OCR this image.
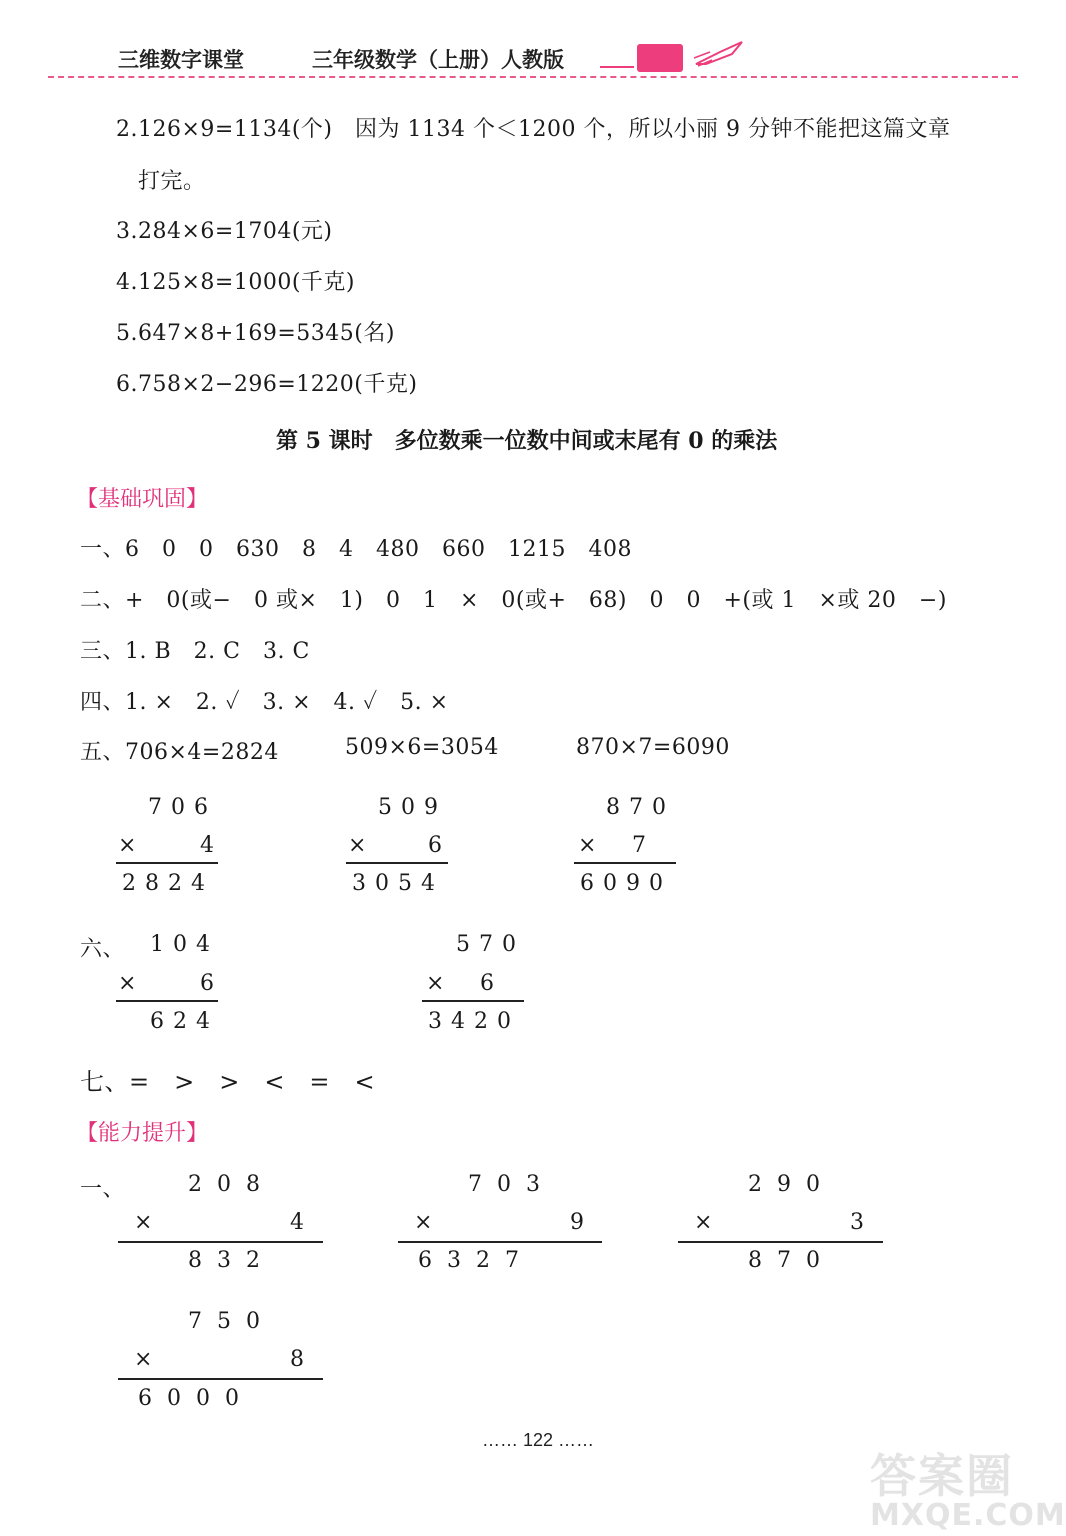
三维数字课堂	三年级数学（上册）人教版
2.126×9=1134(个)　因为 1134 个＜1200 个，所以小丽 9 分钟不能把这篇文章
打完。
3.284×6=1704(元)
4.125×8=1000(千克)
5.647×8+169=5345(名)
6.758×2−296=1220(千克)
第 5 课时　多位数乘一位数中间或末尾有 0 的乘法
【基础巩固】
一、6　0　0　630　8　4　480　660　1215　408
二、+　0(或−　0 或×　1)　0　1　×　0(或+　68)　0　0　+(或 1　×或 20　−)
三、1. B　2. C　3. C
四、1. ×　2. ✓　3. ×　4. ✓　5. ×
五、706×4=2824	509×6=3054	870×7=6090
706
×	4
2824
509
×	6
3054
870
× 7
6090
六、 104
×	6
624
570
× 6
3420
七、=　>　>　<　=　<
【能力提升】
一、	2 0 8
×	4
8 3 2
7 0 3
×	9
6 3 2 7
2 9 0
×	3
8 7 0
7 5 0
×	8
6 0 0 0
…… 122 ……
答案圈
MXQE.COM
